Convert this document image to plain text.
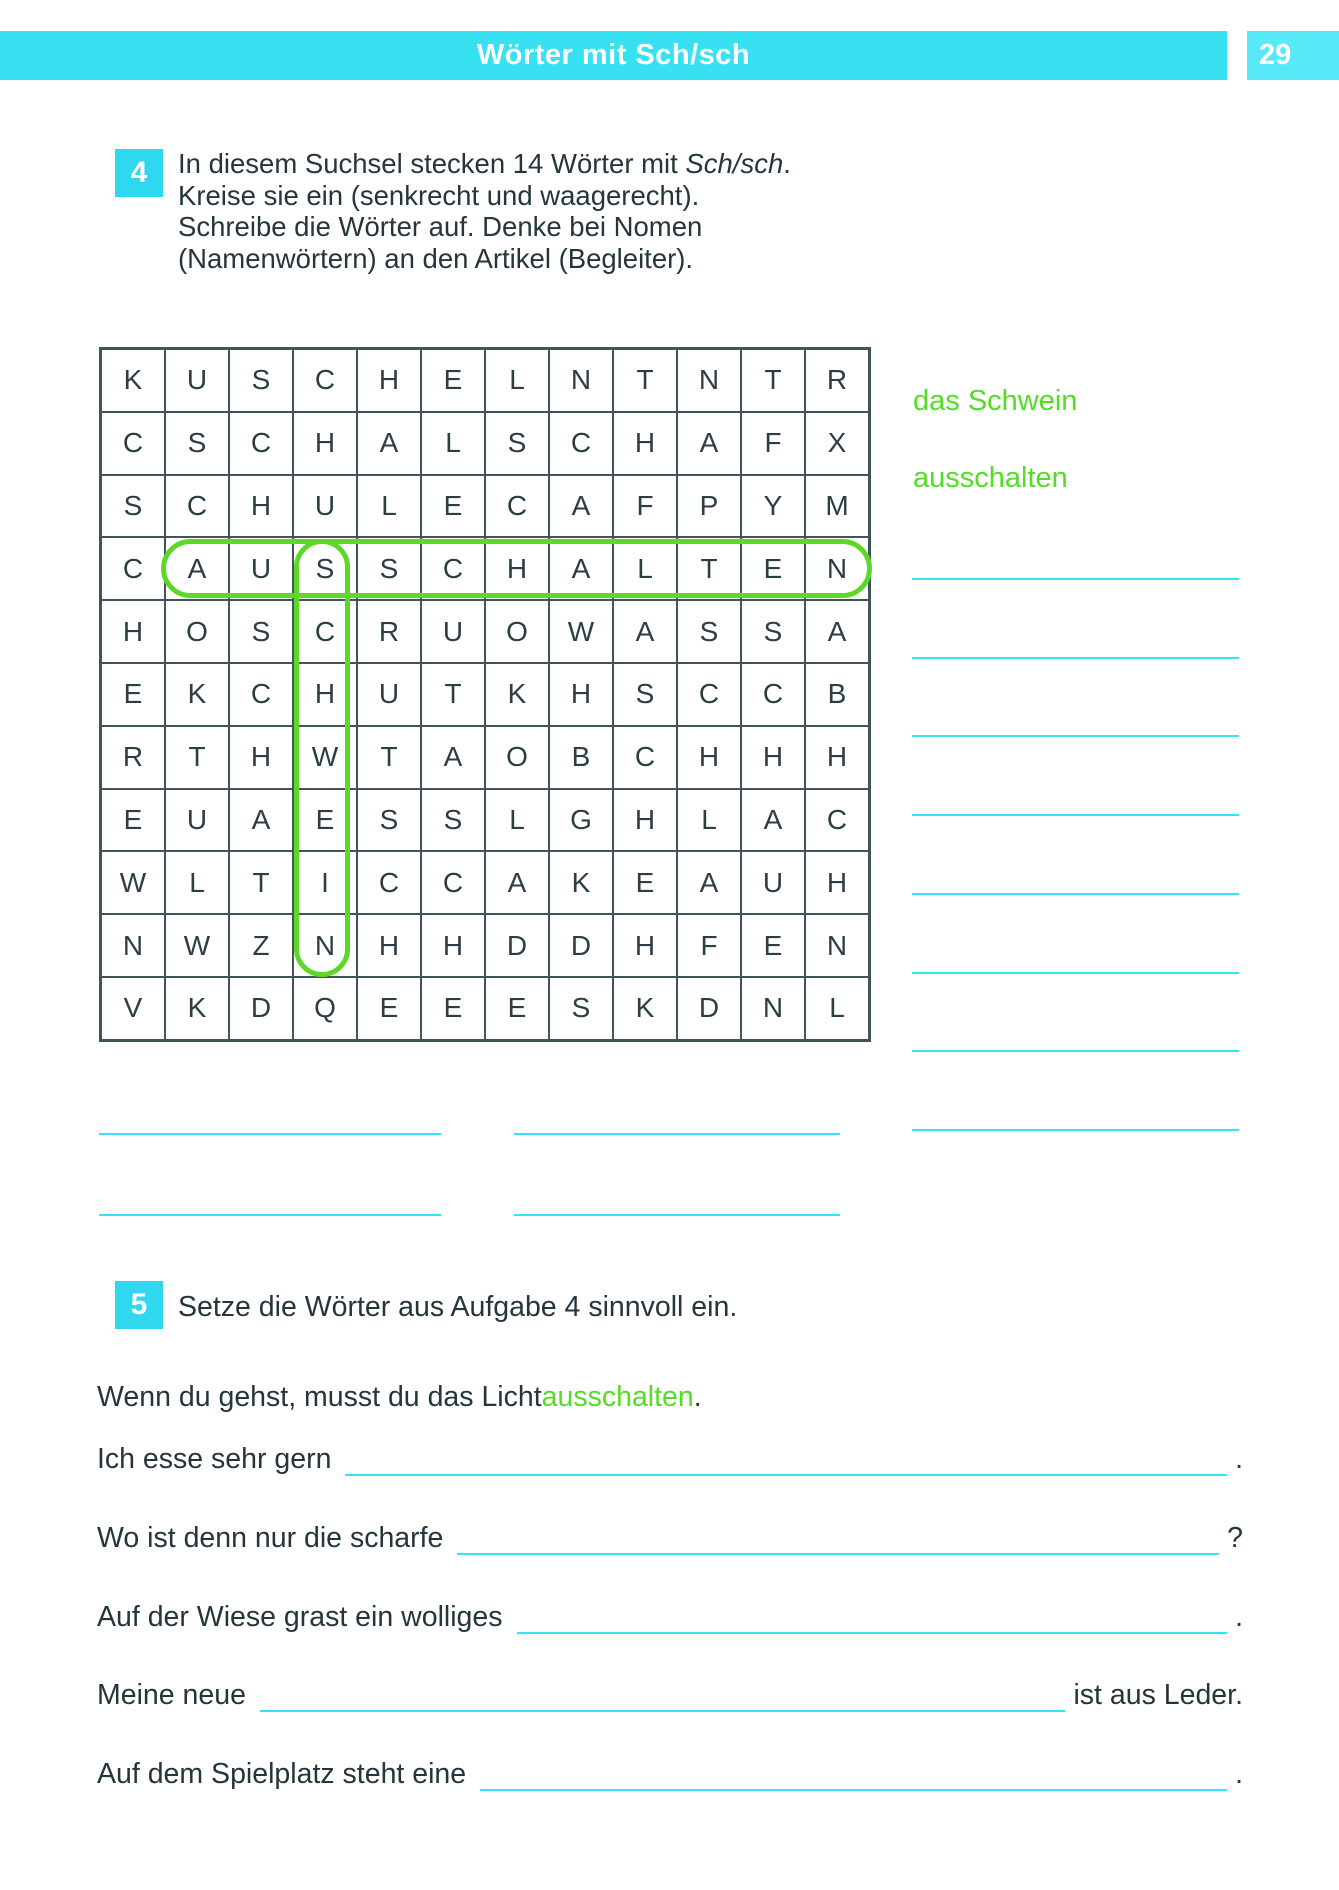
Wörter mit Sch/sch	29
4	In diesem Suchsel stecken 14 Wörter mit Sch/sch.
Kreise sie ein (senkrecht und waagerecht).
Schreibe die Wörter auf. Denke bei Nomen
(Namenwörtern) an den Artikel (Begleiter).
K	U	S	C	H	E	L	N	T	N	T	R
C	S	C	H	A	L	S	C	H	A	F	X
S	C	H	U	L	E	C	A	F	P	Y	M
C	A	U	S	S	C	H	A	L	T	E	N
H	O	S	C	R	U	O	W	A	S	S	A
E	K	C	H	U	T	K	H	S	C	C	B
R	T	H	W	T	A	O	B	C	H	H	H
E	U	A	E	S	S	L	G	H	L	A	C
W	L	T	I	C	C	A	K	E	A	U	H
N	W	Z	N	H	H	D	D	H	F	E	N
V	K	D	Q	E	E	E	S	K	D	N	L
das Schwein
ausschalten
5	Setze die Wörter aus Aufgabe 4 sinnvoll ein.
Wenn du gehst, musst du das Licht ausschalten .
Ich esse sehr gern	.
Wo ist denn nur die scharfe	?
Auf der Wiese grast ein wolliges	.
Meine neue	ist aus Leder.
Auf dem Spielplatz steht eine	.
